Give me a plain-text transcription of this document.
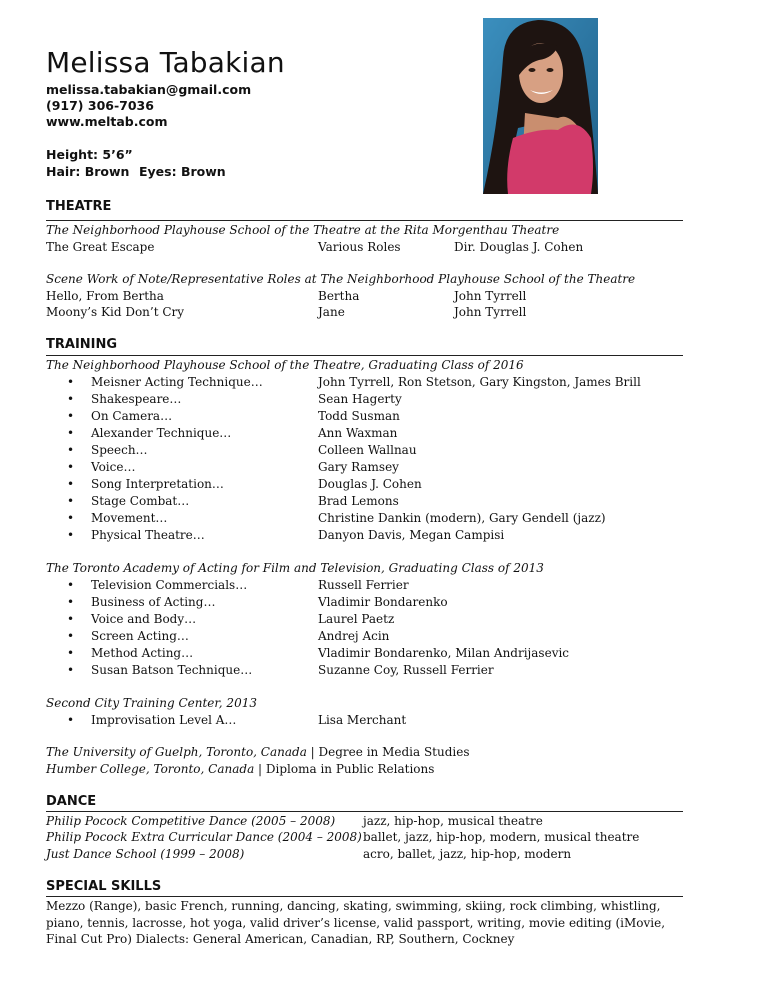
Melissa Tabakian
melissa.tabakian@gmail.com
(917) 306-7036
www.meltab.com
Height: 5’6”
Hair: Brown Eyes: Brown
THEATRE
The Neighborhood Playhouse School of the Theatre at the Rita Morgenthau Theatre
The Great Escape	Various Roles	Dir. Douglas J. Cohen
Scene Work of Note/Representative Roles at The Neighborhood Playhouse School of the Theatre
Hello, From Bertha	Bertha	John Tyrrell
Moony’s Kid Don’t Cry	Jane	John Tyrrell
TRAINING
The Neighborhood Playhouse School of the Theatre, Graduating Class of 2016
• Meisner Acting Technique…	John Tyrrell, Ron Stetson, Gary Kingston, James Brill
• Shakespeare…	Sean Hagerty
• On Camera…	Todd Susman
• Alexander Technique…	Ann Waxman
• Speech…	Colleen Wallnau
• Voice…	Gary Ramsey
• Song Interpretation…	Douglas J. Cohen
• Stage Combat…	Brad Lemons
• Movement…	Christine Dankin (modern), Gary Gendell (jazz)
• Physical Theatre…	Danyon Davis, Megan Campisi
The Toronto Academy of Acting for Film and Television, Graduating Class of 2013
• Television Commercials…	Russell Ferrier
• Business of Acting…	Vladimir Bondarenko
• Voice and Body…	Laurel Paetz
• Screen Acting…	Andrej Acin
• Method Acting…	Vladimir Bondarenko, Milan Andrijasevic
• Susan Batson Technique…	Suzanne Coy, Russell Ferrier
Second City Training Center, 2013
• Improvisation Level A…	Lisa Merchant
The University of Guelph, Toronto, Canada | Degree in Media Studies
Humber College, Toronto, Canada | Diploma in Public Relations
DANCE
Philip Pocock Competitive Dance (2005 – 2008) jazz, hip-hop, musical theatre
Philip Pocock Extra Curricular Dance (2004 – 2008) ballet, jazz, hip-hop, modern, musical theatre
Just Dance School (1999 – 2008)	acro, ballet, jazz, hip-hop, modern
SPECIAL SKILLS
Mezzo (Range), basic French, running, dancing, skating, swimming, skiing, rock climbing, whistling, piano, tennis, lacrosse, hot yoga, valid driver’s license, valid passport, writing, movie editing (iMovie, Final Cut Pro) Dialects: General American, Canadian, RP, Southern, Cockney
